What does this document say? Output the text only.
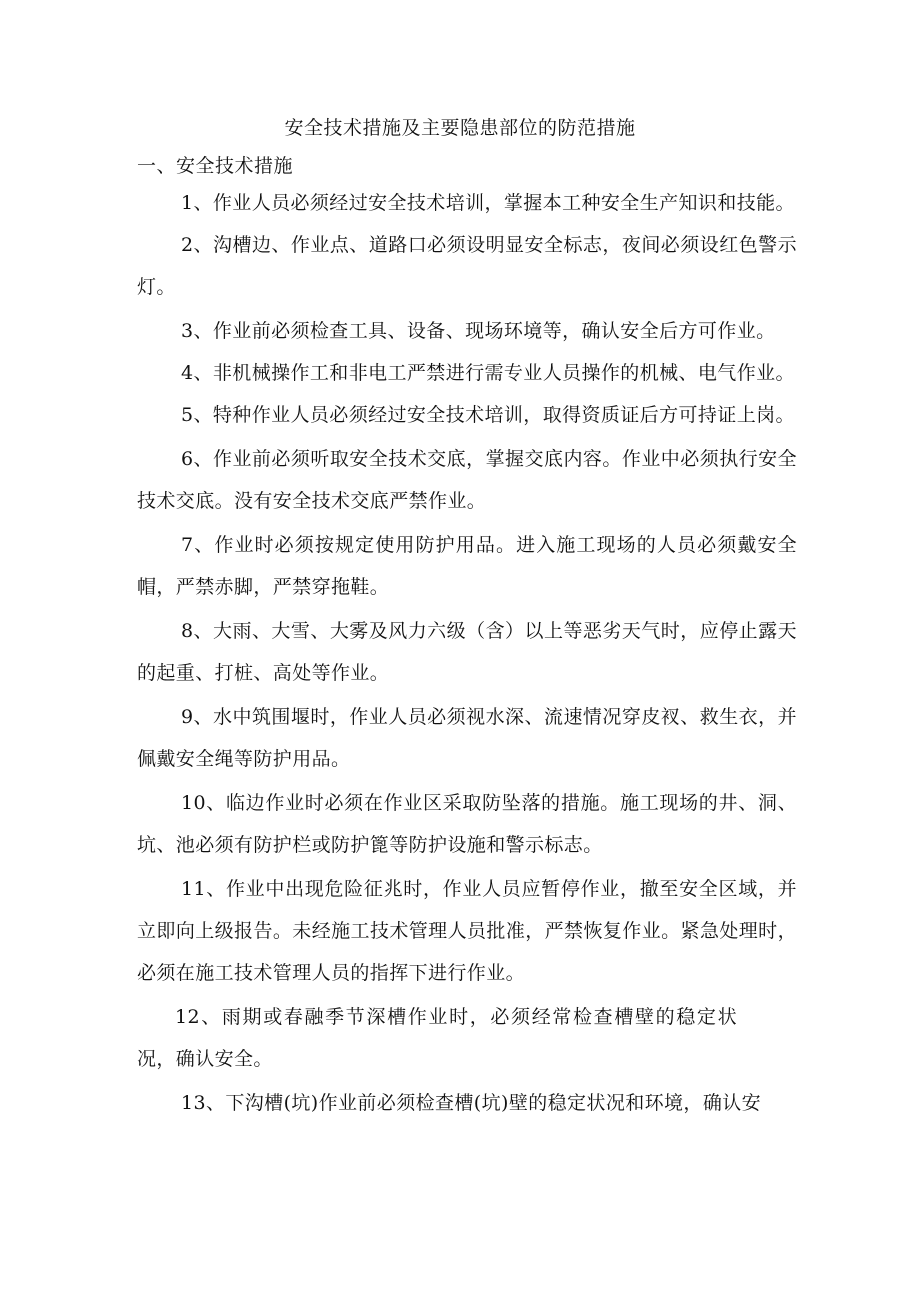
安全技术措施及主要隐患部位的防范措施
一、安全技术措施

1、作业人员必须经过安全技术培训，掌握本工种安全生产知识和技能。

2、沟槽边、作业点、道路口必须设明显安全标志，夜间必须设红色警示灯。

3、作业前必须检查工具、设备、现场环境等，确认安全后方可作业。

4、非机械操作工和非电工严禁进行需专业人员操作的机械、电气作业。

5、特种作业人员必须经过安全技术培训，取得资质证后方可持证上岗。

6、作业前必须听取安全技术交底，掌握交底内容。作业中必须执行安全技术交底。没有安全技术交底严禁作业。

7、作业时必须按规定使用防护用品。进入施工现场的人员必须戴安全帽，严禁赤脚，严禁穿拖鞋。

8、大雨、大雪、大雾及风力六级（含）以上等恶劣天气时，应停止露天的起重、打桩、高处等作业。

9、水中筑围堰时，作业人员必须视水深、流速情况穿皮衩、救生衣，并佩戴安全绳等防护用品。

10、临边作业时必须在作业区采取防坠落的措施。施工现场的井、洞、坑、池必须有防护栏或防护篦等防护设施和警示标志。

11、作业中出现危险征兆时，作业人员应暂停作业，撤至安全区域，并立即向上级报告。未经施工技术管理人员批准，严禁恢复作业。紧急处理时，必须在施工技术管理人员的指挥下进行作业。

12、雨期或春融季节深槽作业时，必须经常检查槽壁的稳定状况，确认安全。

13、下沟槽(坑)作业前必须检查槽(坑)壁的稳定状况和环境，确认安
